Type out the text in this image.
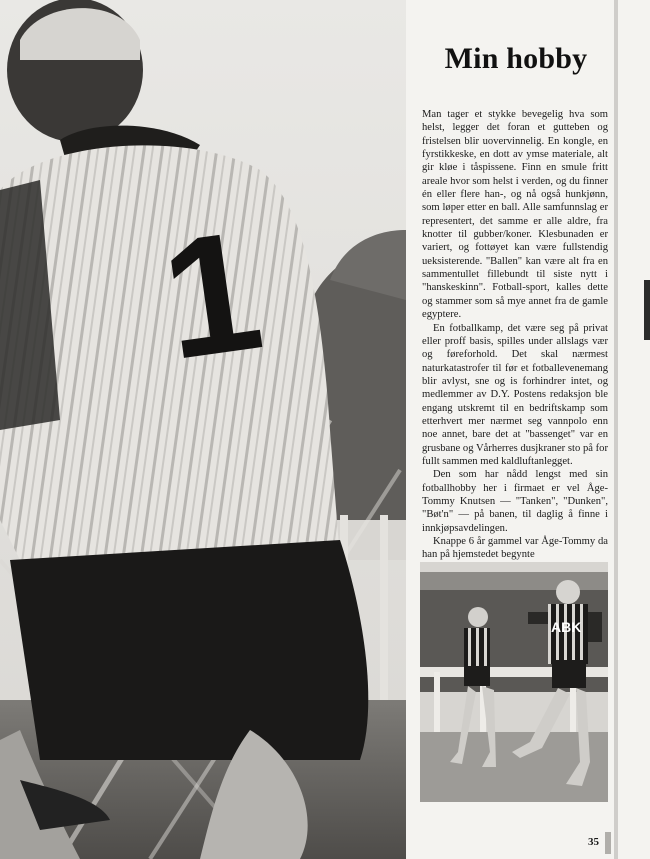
1
Min hobby

Man tager et stykke bevegelig hva som helst, legger det foran et gutteben og fristelsen blir uovervinnelig. En kongle, en fyrstikkeske, en dott av ymse materiale, alt gir kløe i tåspissene. Finn en smule fritt areale hvor som helst i verden, og du finner én eller flere han-, og nå også hunkjønn, som løper etter en ball. Alle samfunnslag er representert, det samme er alle aldre, fra knotter til gubber/koner. Klesbunaden er variert, og fottøyet kan være fullstendig ueksisterende. "Ballen" kan være alt fra en sammentullet fillebundt til siste nytt i "hanskeskinn". Fotball-sport, kalles dette og stammer som så mye annet fra de gamle egyptere.

En fotballkamp, det være seg på privat eller proff basis, spilles under allslags vær og føreforhold. Det skal nærmest naturkatastrofer til før et fotballevenemang blir avlyst, sne og is forhindrer intet, og medlemmer av D.Y. Postens redaksjon ble engang utskremt til en bedriftskamp som etterhvert mer nærmet seg vannpolo enn noe annet, bare det at "bassenget" var en grusbane og Vårherres dusjkraner sto på for fullt sammen med kaldluftanlegget.

Den som har nådd lengst med sin fotballhobby her i firmaet er vel Åge-Tommy Knutsen — "Tanken", "Dunken", "Bøt'n" — på banen, til daglig å finne i innkjøpsavdelingen.

Knappe 6 år gammel var Åge-Tommy da han på hjemstedet begynte

ABK
35
